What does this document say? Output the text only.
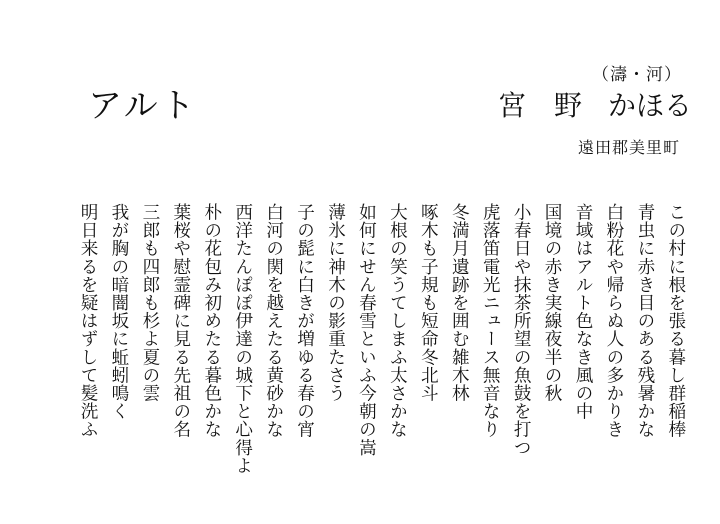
（濤・河）
アルト	宮　野 かほる
遠田郡美里町
この村に根を張る暮し群稲棒
青虫に赤き目のある残暑かな
白粉花や帰らぬ人の多かりき
音域はアルト色なき風の中
国境の赤き実線夜半の秋
小春日や抹茶所望の魚鼓を打つ
虎落笛電光ニュース無音なり
冬満月遺跡を囲む雑木林
啄木も子規も短命冬北斗
大根の笑うてしまふ太さかな
如何にせん春雪といふ今朝の嵩
薄氷に神木の影重たさう
子の髭に白きが増ゆる春の宵
白河の関を越えたる黄砂かな
西洋たんぽぽ伊達の城下と心得よ
朴の花包み初めたる暮色かな
葉桜や慰霊碑に見る先祖の名
三郎も四郎も杉よ夏の雲
我が胸の暗闇坂に蚯蚓鳴く
明日来るを疑はずして髪洗ふ
